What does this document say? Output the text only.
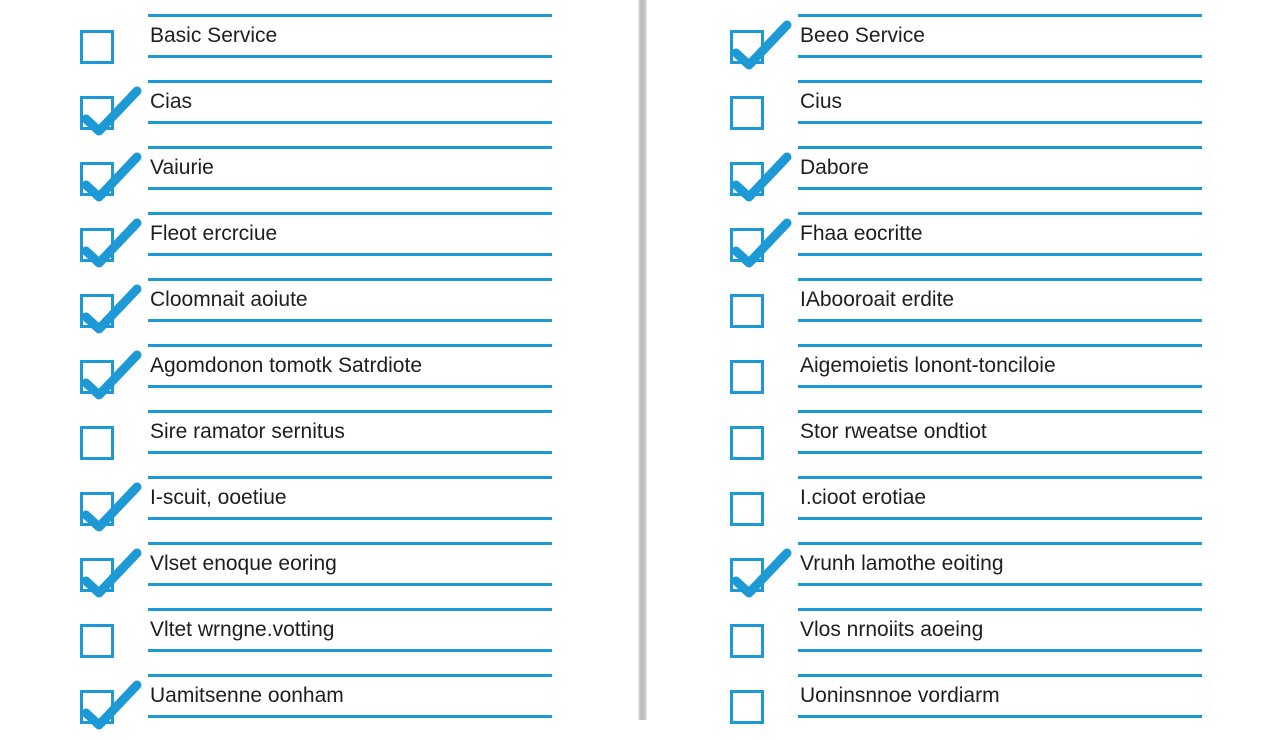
Basic Service
Cias
Vaiurie
Fleot ercrciue
Cloomnait aoiute
Agomdonon tomotk Satrdiote
Sire ramator sernitus
I-scuit, ooetiue
Vlset enoque eoring
Vltet wrngne.votting
Uamitsenne oonham
Beeo Service
Cius
Dabore
Fhaa eocritte
IAbooroait erdite
Aigemoietis lonont-tonciloie
Stor rweatse ondtiot
I.cioot erotiae
Vrunh lamothe eoiting
Vlos nrnoiits aoeing
Uoninsnnoe vordiarm
